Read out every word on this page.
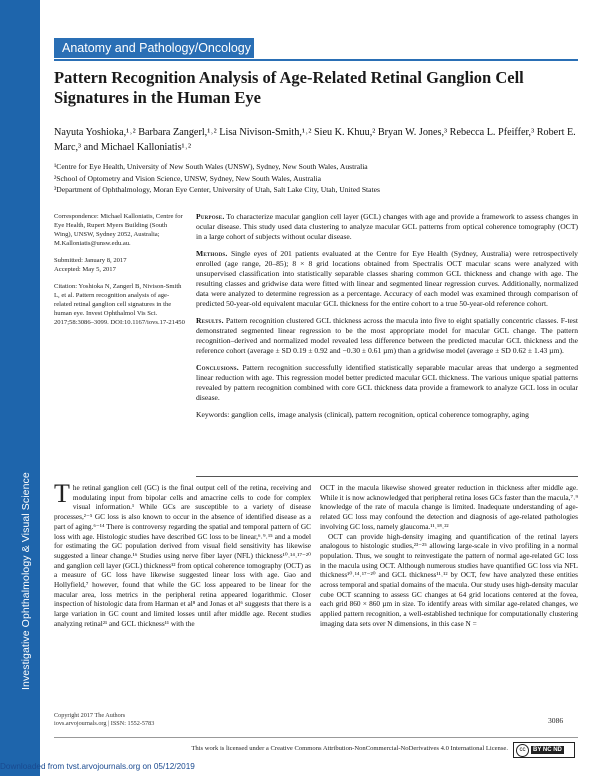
Investigative Ophthalmology & Visual Science
Anatomy and Pathology/Oncology
Pattern Recognition Analysis of Age-Related Retinal Ganglion Cell Signatures in the Human Eye
Nayuta Yoshioka,¹˒² Barbara Zangerl,¹˒² Lisa Nivison-Smith,¹˒² Sieu K. Khuu,² Bryan W. Jones,³ Rebecca L. Pfeiffer,³ Robert E. Marc,³ and Michael Kalloniatis¹˒²
¹Centre for Eye Health, University of New South Wales (UNSW), Sydney, New South Wales, Australia
²School of Optometry and Vision Science, UNSW, Sydney, New South Wales, Australia
³Department of Ophthalmology, Moran Eye Center, University of Utah, Salt Lake City, Utah, United States

Correspondence: Michael Kalloniatis, Centre for Eye Health, Rupert Myers Building (South Wing), UNSW, Sydney 2052, Australia; M.Kalloniatis@unsw.edu.au.

Submitted: January 8, 2017
Accepted: May 5, 2017

Citation: Yoshioka N, Zangerl B, Nivison-Smith L, et al. Pattern recognition analysis of age-related retinal ganglion cell signatures in the human eye. Invest Ophthalmol Vis Sci. 2017;58:3086–3099. DOI:10.1167/iovs.17-21450

Purpose. To characterize macular ganglion cell layer (GCL) changes with age and provide a framework to assess changes in ocular disease. This study used data clustering to analyze macular GCL patterns from optical coherence tomography (OCT) in a large cohort of subjects without ocular disease.

Methods. Single eyes of 201 patients evaluated at the Centre for Eye Health (Sydney, Australia) were retrospectively enrolled (age range, 20–85); 8 × 8 grid locations obtained from Spectralis OCT macular scans were analyzed with unsupervised classification into statistically separable classes sharing common GCL thickness and change with age. The resulting classes and gridwise data were fitted with linear and segmented linear regression curves. Additionally, normalized data were analyzed to determine regression as a percentage. Accuracy of each model was examined through comparison of predicted 50-year-old equivalent macular GCL thickness for the entire cohort to a true 50-year-old reference cohort.

Results. Pattern recognition clustered GCL thickness across the macula into five to eight spatially concentric classes. F-test demonstrated segmented linear regression to be the most appropriate model for macular GCL change. The pattern recognition–derived and normalized model revealed less difference between the predicted macular GCL thickness and the reference cohort (average ± SD 0.19 ± 0.92 and −0.30 ± 0.61 µm) than a gridwise model (average ± SD 0.62 ± 1.43 µm).

Conclusions. Pattern recognition successfully identified statistically separable macular areas that undergo a segmented linear reduction with age. This regression model better predicted macular GCL thickness. The various unique spatial patterns revealed by pattern recognition combined with core GCL thickness data provide a framework to analyze GCL loss in ocular disease.

Keywords: ganglion cells, image analysis (clinical), pattern recognition, optical coherence tomography, aging

The retinal ganglion cell (GC) is the final output cell of the retina, receiving and modulating input from bipolar cells and amacrine cells to code for complex visual information.¹ While GCs are susceptible to a variety of disease processes,²⁻⁵ GC loss is also known to occur in the absence of identified disease as a part of aging.⁶⁻¹⁴ There is controversy regarding the spatial and temporal pattern of GC loss with age. Histologic studies have described GC loss to be linear,⁶˒⁹˒¹⁵ and a model for estimating the GC population derived from visual field sensitivity has likewise suggested a linear change.¹⁶ Studies using nerve fiber layer (NFL) thickness¹⁰˒¹⁴˒¹⁷⁻²⁰ and ganglion cell layer (GCL) thickness¹² from optical coherence tomography (OCT) as a measure of GC loss have likewise suggested linear loss with age. Gao and Hollyfield,⁷ however, found that while the GC loss appeared to be linear for the macular area, loss metrics in the peripheral retina appeared logarithmic. Closer inspection of histologic data from Harman et al⁸ and Jonas et al⁶ suggests that there is a large variation in GC count and limited losses until after middle age. Recent studies analyzing retinal²¹ and GCL thickness¹¹ with the

OCT in the macula likewise showed greater reduction in thickness after middle age. While it is now acknowledged that peripheral retina loses GCs faster than the macula,⁷˒⁹ knowledge of the rate of macula change is limited. Inadequate understanding of age-related GC loss may confound the detection and diagnosis of age-related pathologies involving GC loss, namely glaucoma.¹¹˒¹⁸˒²²

OCT can provide high-density imaging and quantification of the retinal layers analogous to histologic studies,²³⁻²⁵ allowing large-scale in vivo profiling in a normal population. Thus, we sought to reinvestigate the pattern of normal age-related GC loss in the macula using OCT. Although numerous studies have quantified GC loss via NFL thickness¹⁰˒¹⁴˒¹⁷⁻²⁰ and GCL thickness¹¹˒¹² by OCT, few have analyzed these entities across temporal and spatial domains of the macula. Our study uses high-density macular cube OCT scanning to assess GC changes at 64 grid locations centered at the fovea, each grid 860 × 860 µm in size. To identify areas with similar age-related changes, we applied pattern recognition, a well-established technique for computationally clustering imaging data sets over N dimensions, in this case N =

Copyright 2017 The Authors
iovs.arvojournals.org | ISSN: 1552-5783	3086
This work is licensed under a Creative Commons Attribution-NonCommercial-NoDerivatives 4.0 International License.	cc	BY NC ND
Downloaded from tvst.arvojournals.org on 05/12/2019
